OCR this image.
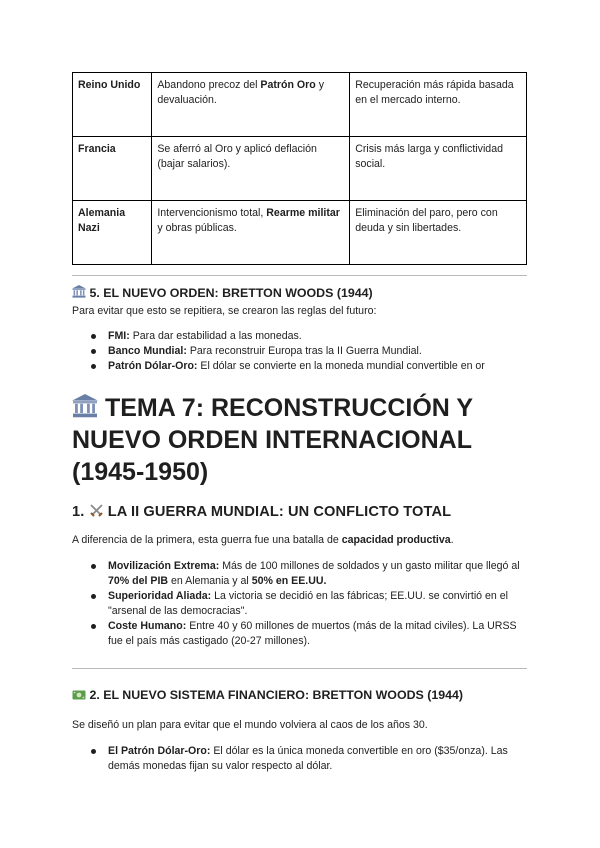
Reino Unido	Abandono precoz del Patrón Oro y devaluación.	Recuperación más rápida basada en el mercado interno.
Francia	Se aferró al Oro y aplicó deflación (bajar salarios).	Crisis más larga y conflictividad social.
Alemania Nazi	Intervencionismo total, Rearme militar y obras públicas.	Eliminación del paro, pero con deuda y sin libertades.
5. EL NUEVO ORDEN: BRETTON WOODS (1944)
Para evitar que esto se repitiera, se crearon las reglas del futuro:
FMI: Para dar estabilidad a las monedas.
Banco Mundial: Para reconstruir Europa tras la II Guerra Mundial.
Patrón Dólar-Oro: El dólar se convierte en la moneda mundial convertible en or
TEMA 7: RECONSTRUCCIÓN Y NUEVO ORDEN INTERNACIONAL (1945-1950)
1. LA II GUERRA MUNDIAL: UN CONFLICTO TOTAL
A diferencia de la primera, esta guerra fue una batalla de capacidad productiva.
Movilización Extrema: Más de 100 millones de soldados y un gasto militar que llegó al 70% del PIB en Alemania y al 50% en EE.UU.
Superioridad Aliada: La victoria se decidió en las fábricas; EE.UU. se convirtió en el "arsenal de las democracias".
Coste Humano: Entre 40 y 60 millones de muertos (más de la mitad civiles). La URSS fue el país más castigado (20-27 millones).
2. EL NUEVO SISTEMA FINANCIERO: BRETTON WOODS (1944)
Se diseñó un plan para evitar que el mundo volviera al caos de los años 30.
El Patrón Dólar-Oro: El dólar es la única moneda convertible en oro ($35/onza). Las demás monedas fijan su valor respecto al dólar.
